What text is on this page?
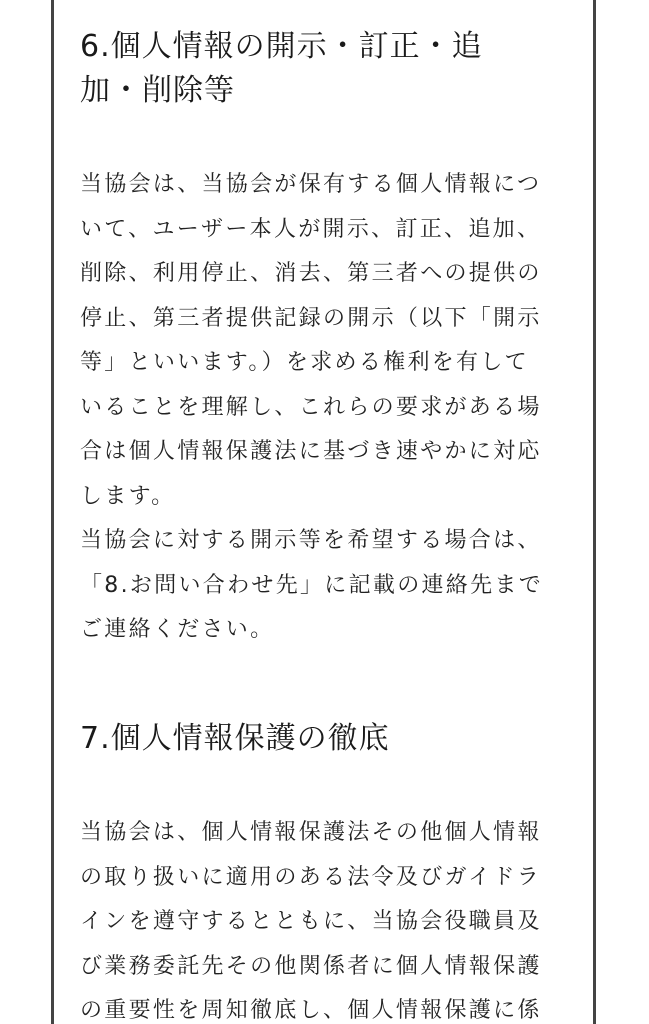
6.個人情報の開示・訂正・追
加・削除等

当協会は、当協会が保有する個人情報につ
いて、ユーザー本人が開示、訂正、追加、
削除、利用停止、消去、第三者への提供の
停止、第三者提供記録の開示（以下「開示
等」といいます。）を求める権利を有して
いることを理解し、これらの要求がある場
合は個人情報保護法に基づき速やかに対応
します。

当協会に対する開示等を希望する場合は、
「8.お問い合わせ先」に記載の連絡先まで
ご連絡ください。

7.個人情報保護の徹底

当協会は、個人情報保護法その他個人情報
の取り扱いに適用のある法令及びガイドラ
インを遵守するとともに、当協会役職員及
び業務委託先その他関係者に個人情報保護
の重要性を周知徹底し、個人情報保護に係
